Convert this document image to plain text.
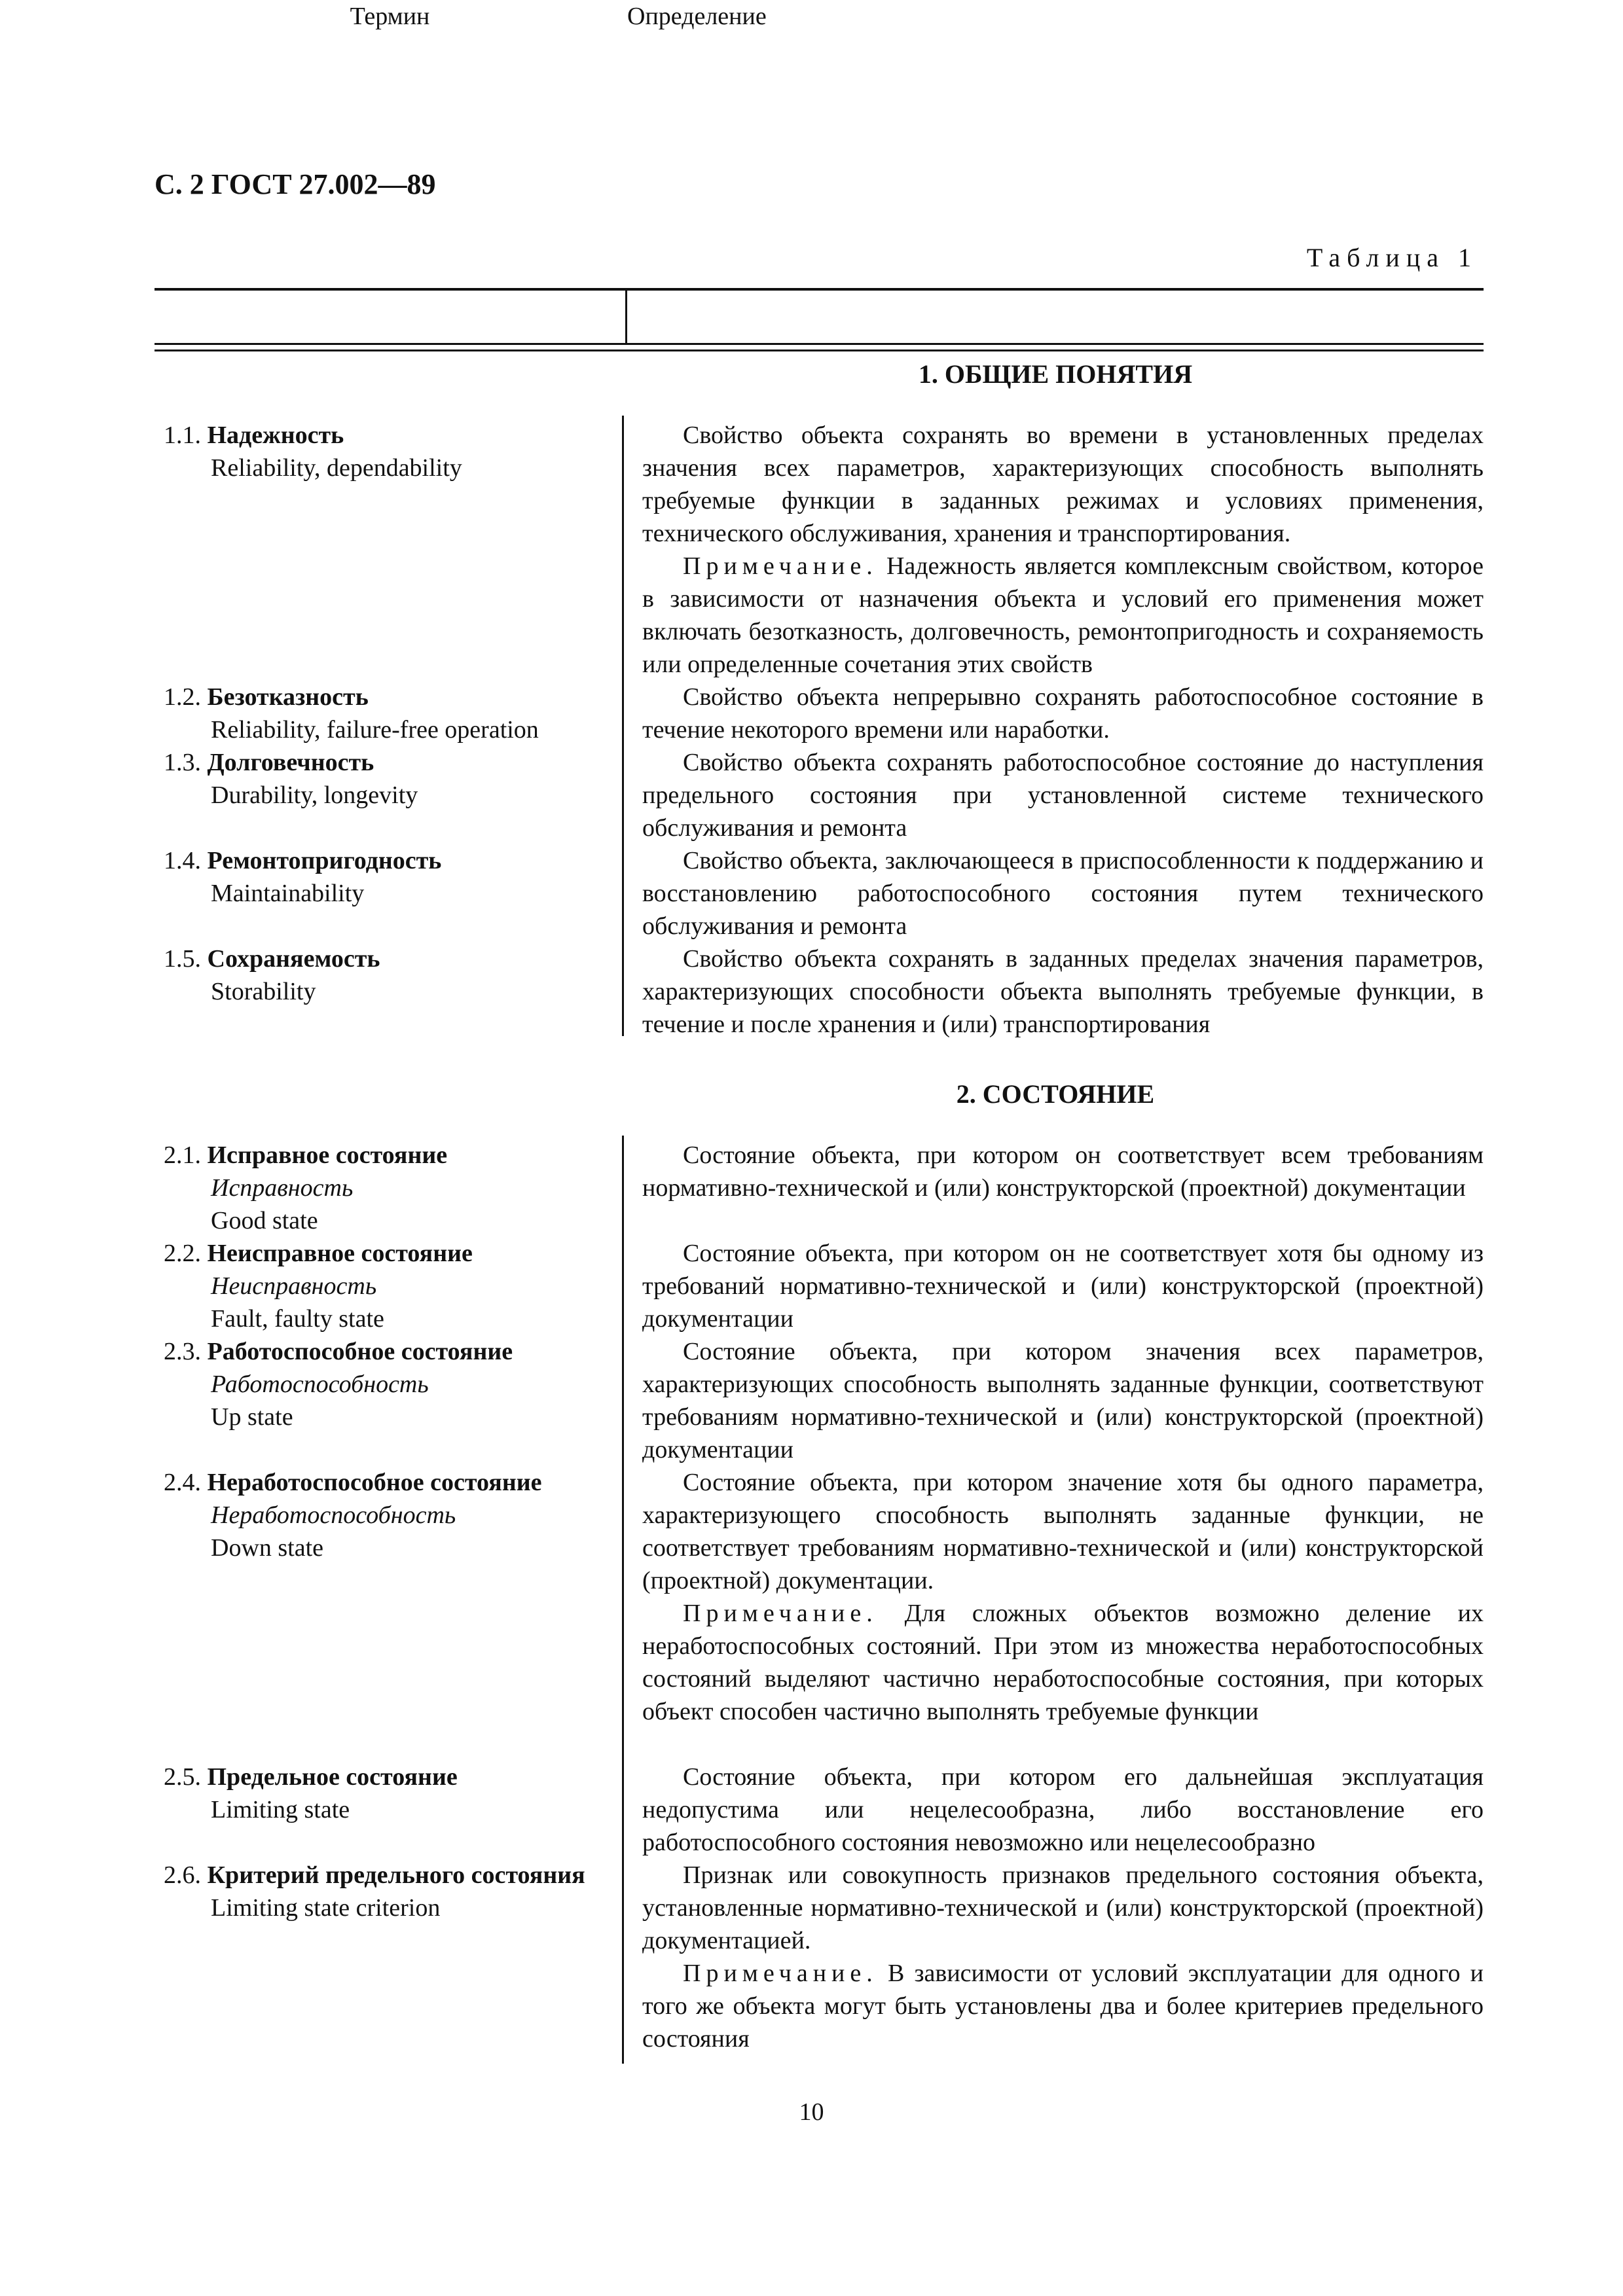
С. 2 ГОСТ 27.002—89
Таблица 1
Термин	Определение
1. ОБЩИЕ ПОНЯТИЯ
1.1. Надежность
Reliability, dependability

Свойство объекта сохранять во времени в установленных пределах значения всех параметров, характеризующих способность выполнять требуемые функции в заданных режимах и условиях применения, технического обслуживания, хранения и транспортирования.

Примечание. Надежность является комплексным свойством, которое в зависимости от назначения объекта и условий его применения может включать безотказность, долговечность, ремонтопригодность и сохраняемость или определенные сочетания этих свойств

1.2. Безотказность
Reliability, failure-free operation

Свойство объекта непрерывно сохранять работоспособное состояние в течение некоторого времени или наработки.

1.3. Долговечность
Durability, longevity

Свойство объекта сохранять работоспособное состояние до наступления предельного состояния при установленной системе технического обслуживания и ремонта

1.4. Ремонтопригодность
Maintainability

Свойство объекта, заключающееся в приспособленности к поддержанию и восстановлению работоспособного состояния путем технического обслуживания и ремонта

1.5. Сохраняемость
Storability

Свойство объекта сохранять в заданных пределах значения параметров, характеризующих способности объекта выполнять требуемые функции, в течение и после хранения и (или) транспортирования

2. СОСТОЯНИЕ
2.1. Исправное состояние
Исправность
Good state

Состояние объекта, при котором он соответствует всем требованиям нормативно-технической и (или) конструкторской (проектной) документации

2.2. Неисправное состояние
Неисправность
Fault, faulty state

Состояние объекта, при котором он не соответствует хотя бы одному из требований нормативно-технической и (или) конструкторской (проектной) документации

2.3. Работоспособное состояние
Работоспособность
Up state

Состояние объекта, при котором значения всех параметров, характеризующих способность выполнять заданные функции, соответствуют требованиям нормативно-технической и (или) конструкторской (проектной) документации

2.4. Неработоспособное состояние
Неработоспособность
Down state

Состояние объекта, при котором значение хотя бы одного параметра, характеризующего способность выполнять заданные функции, не соответствует требованиям нормативно-технической и (или) конструкторской (проектной) документации.

Примечание. Для сложных объектов возможно деление их неработоспособных состояний. При этом из множества неработоспособных состояний выделяют частично неработоспособные состояния, при которых объект способен частично выполнять требуемые функции

2.5. Предельное состояние
Limiting state

Состояние объекта, при котором его дальнейшая эксплуатация недопустима или нецелесообразна, либо восстановление его работоспособного состояния невозможно или нецелесообразно

2.6. Критерий предельного состояния
Limiting state criterion

Признак или совокупность признаков предельного состояния объекта, установленные нормативно-технической и (или) конструкторской (проектной) документацией.

Примечание. В зависимости от условий эксплуатации для одного и того же объекта могут быть установлены два и более критериев предельного состояния

10
